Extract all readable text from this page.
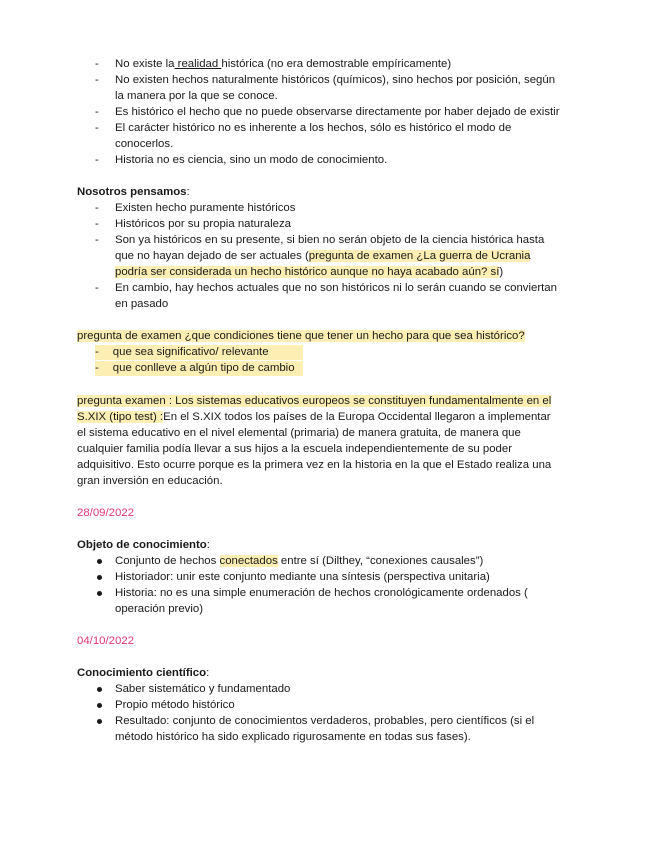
- No existe la realidad histórica (no era demostrable empíricamente)
- No existen hechos naturalmente históricos (químicos), sino hechos por posición, según
la manera por la que se conoce.
- Es histórico el hecho que no puede observarse directamente por haber dejado de existir
- El carácter histórico no es inherente a los hechos, sólo es histórico el modo de
conocerlos.
- Historia no es ciencia, sino un modo de conocimiento.
Nosotros pensamos:
- Existen hecho puramente históricos
- Históricos por su propia naturaleza
- Son ya históricos en su presente, si bien no serán objeto de la ciencia histórica hasta
que no hayan dejado de ser actuales (pregunta de examen ¿La guerra de Ucrania
podría ser considerada un hecho histórico aunque no haya acabado aún? sí)
- En cambio, hay hechos actuales que no son históricos ni lo serán cuando se conviertan
en pasado
pregunta de examen ¿que condiciones tiene que tener un hecho para que sea histórico?
- que sea significativo/ relevante
- que conlleve a algún tipo de cambio
pregunta examen : Los sistemas educativos europeos se constituyen fundamentalmente en el
S.XIX (tipo test) :En el S.XIX todos los países de la Europa Occidental llegaron a implementar
el sistema educativo en el nivel elemental (primaria) de manera gratuita, de manera que
cualquier familia podía llevar a sus hijos a la escuela independientemente de su poder
adquisitivo. Esto ocurre porque es la primera vez en la historia en la que el Estado realiza una
gran inversión en educación.
28/09/2022
Objeto de conocimiento:
Conjunto de hechos conectados entre sí (Dilthey, “conexiones causales”)
Historiador: unir este conjunto mediante una síntesis (perspectiva unitaria)
Historia: no es una simple enumeración de hechos cronológicamente ordenados (
operación previo)
04/10/2022
Conocimiento científico:
Saber sistemático y fundamentado
Propio método histórico
Resultado: conjunto de conocimientos verdaderos, probables, pero científicos (si el
método histórico ha sido explicado rigurosamente en todas sus fases).
